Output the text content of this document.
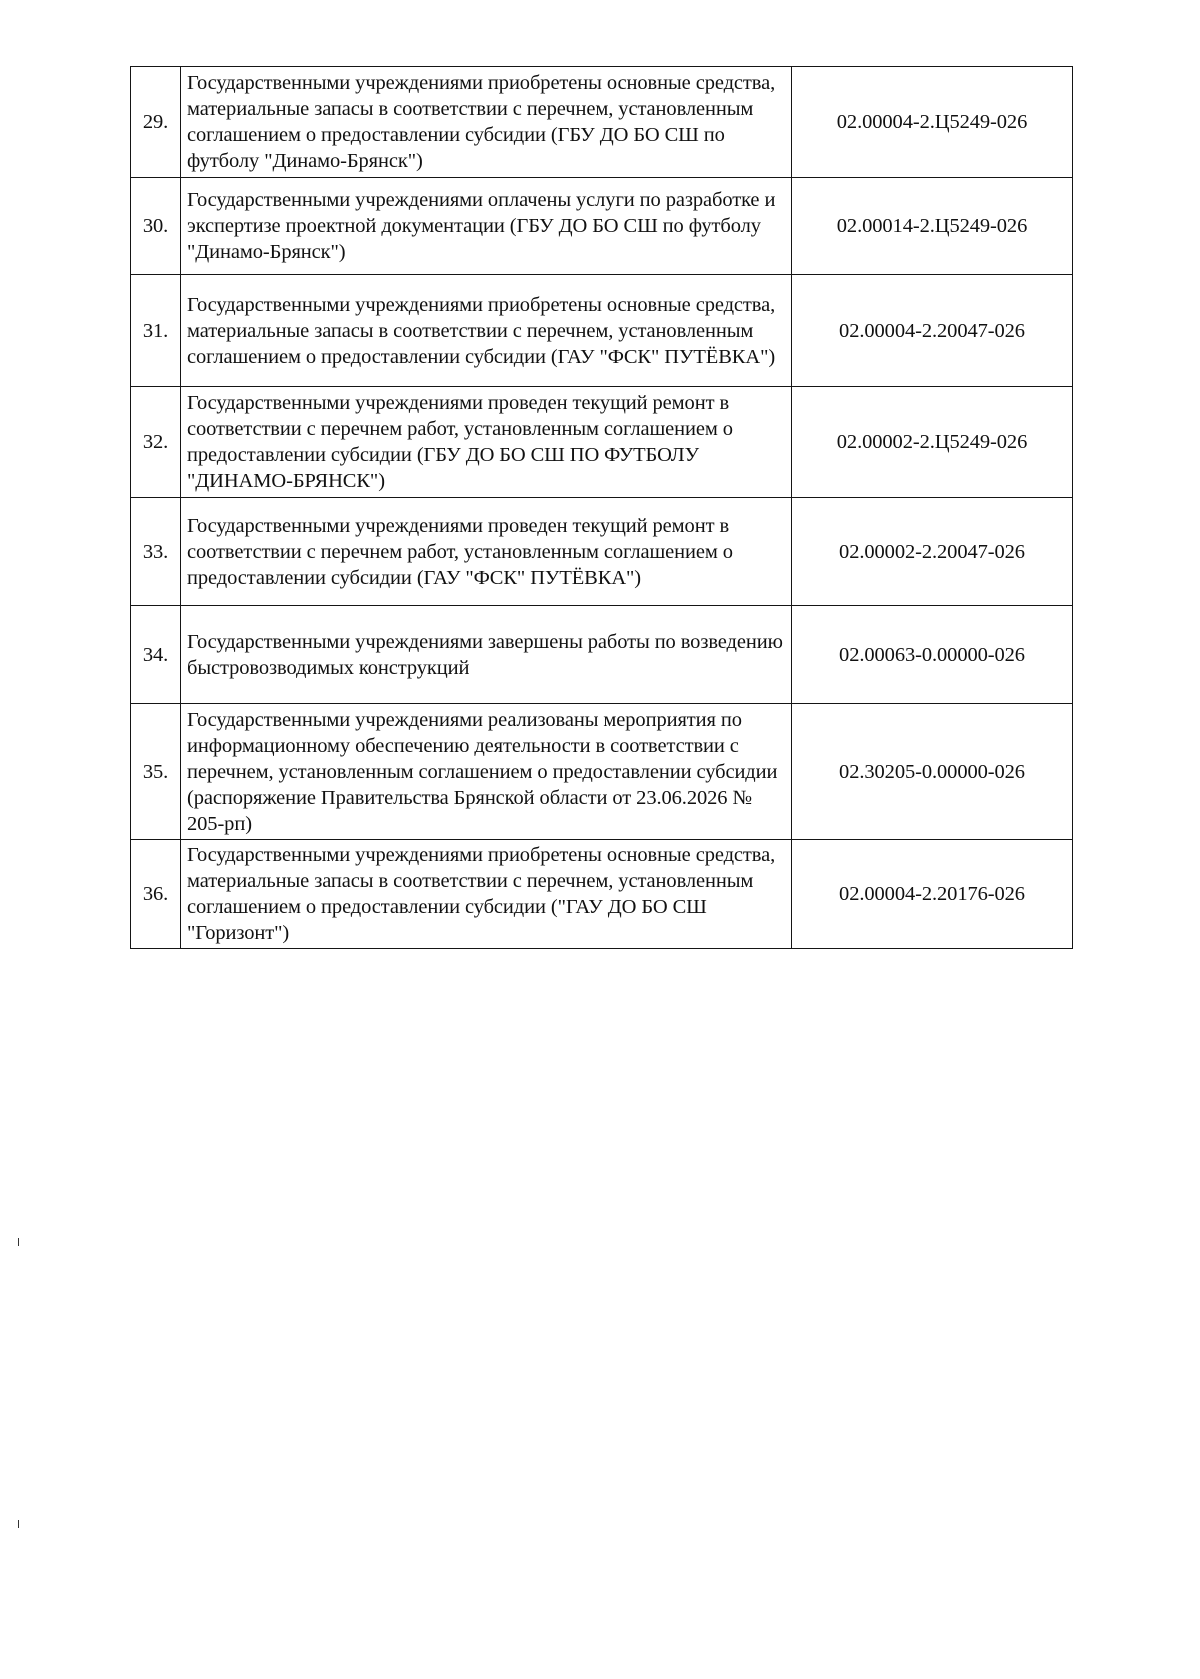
29.	Государственными учреждениями приобретены основные средства, материальные запасы в соответствии с перечнем, установленным соглашением о предоставлении субсидии (ГБУ ДО БО СШ по футболу "Динамо-Брянск")	02.00004-2.Ц5249-026
30.	Государственными учреждениями оплачены услуги по разработке и экспертизе проектной документации (ГБУ ДО БО СШ по футболу "Динамо-Брянск")	02.00014-2.Ц5249-026
31.	Государственными учреждениями приобретены основные средства, материальные запасы в соответствии с перечнем, установленным соглашением о предоставлении субсидии (ГАУ "ФСК" ПУТЁВКА")	02.00004-2.20047-026
32.	Государственными учреждениями проведен текущий ремонт в соответствии с перечнем работ, установленным соглашением о предоставлении субсидии (ГБУ ДО БО СШ ПО ФУТБОЛУ "ДИНАМО-БРЯНСК")	02.00002-2.Ц5249-026
33.	Государственными учреждениями проведен текущий ремонт в соответствии с перечнем работ, установленным соглашением о предоставлении субсидии (ГАУ "ФСК" ПУТЁВКА")	02.00002-2.20047-026
34.	Государственными учреждениями завершены работы по возведению быстровозводимых конструкций	02.00063-0.00000-026
35.	Государственными учреждениями реализованы мероприятия по информационному обеспечению деятельности в соответствии с перечнем, установленным соглашением о предоставлении субсидии (распоряжение Правительства Брянской области от 23.06.2026 № 205-рп)	02.30205-0.00000-026
36.	Государственными учреждениями приобретены основные средства, материальные запасы в соответствии с перечнем, установленным соглашением о предоставлении субсидии ("ГАУ ДО БО СШ "Горизонт")	02.00004-2.20176-026
